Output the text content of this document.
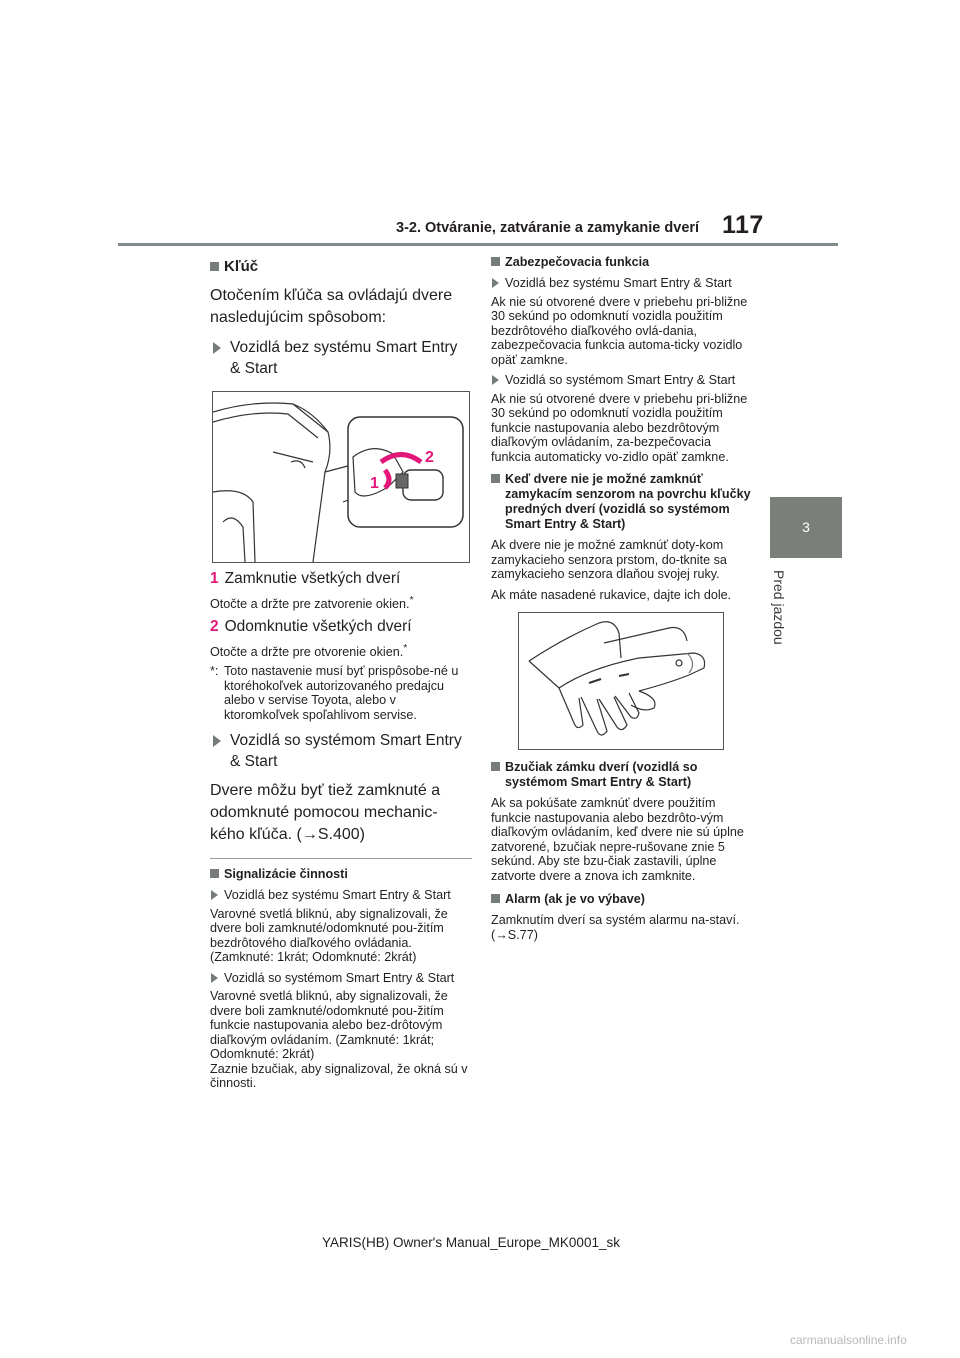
3-2. Otváranie, zatváranie a zamykanie dverí 117
3
Pred jazdou
Kľúč

Otočením kľúča sa ovládajú dvere nasledujúcim spôsobom:

Vozidlá bez systému Smart Entry & Start
2
1
1 Zamknutie všetkých dverí
Otočte a držte pre zatvorenie okien.*
2 Odomknutie všetkých dverí
Otočte a držte pre otvorenie okien.*
*: Toto nastavenie musí byť prispôsobe-né u ktoréhokoľvek autorizovaného predajcu alebo v servise Toyota, alebo v ktoromkoľvek spoľahlivom servise.
Vozidlá so systémom Smart Entry & Start

Dvere môžu byť tiež zamknuté a odomknuté pomocou mechanic-kého kľúča. (→S.400)

Signalizácie činnosti
Vozidlá bez systému Smart Entry & Start

Varovné svetlá bliknú, aby signalizovali, že dvere boli zamknuté/odomknuté pou-žitím bezdrôtového diaľkového ovládania. (Zamknuté: 1krát; Odomknuté: 2krát)

Vozidlá so systémom Smart Entry & Start

Varovné svetlá bliknú, aby signalizovali, že dvere boli zamknuté/odomknuté pou-žitím funkcie nastupovania alebo bez-drôtovým diaľkovým ovládaním. (Zamknuté: 1krát; Odomknuté: 2krát)

Zaznie bzučiak, aby signalizoval, že okná sú v činnosti.

Zabezpečovacia funkcia
Vozidlá bez systému Smart Entry & Start

Ak nie sú otvorené dvere v priebehu pri-bližne 30 sekúnd po odomknutí vozidla použitím bezdrôtového diaľkového ovlá-dania, zabezpečovacia funkcia automa-ticky vozidlo opäť zamkne.

Vozidlá so systémom Smart Entry & Start

Ak nie sú otvorené dvere v priebehu pri-bližne 30 sekúnd po odomknutí vozidla použitím funkcie nastupovania alebo bezdrôtovým diaľkovým ovládaním, za-bezpečovacia funkcia automaticky vo-zidlo opäť zamkne.

Keď dvere nie je možné zamknúť zamykacím senzorom na povrchu kľučky predných dverí (vozidlá so systémom Smart Entry & Start)

Ak dvere nie je možné zamknúť doty-kom zamykacieho senzora prstom, do-tknite sa zamykacieho senzora dlaňou svojej ruky.

Ak máte nasadené rukavice, dajte ich dole.

Bzučiak zámku dverí (vozidlá so systémom Smart Entry & Start)

Ak sa pokúšate zamknúť dvere použitím funkcie nastupovania alebo bezdrôto-vým diaľkovým ovládaním, keď dvere nie sú úplne zatvorené, bzučiak nepre-rušovane znie 5 sekúnd. Aby ste bzu-čiak zastavili, úplne zatvorte dvere a znova ich zamknite.

Alarm (ak je vo výbave)

Zamknutím dverí sa systém alarmu na-staví. (→S.77)

YARIS(HB) Owner's Manual_Europe_MK0001_sk
carmanualsonline.info
